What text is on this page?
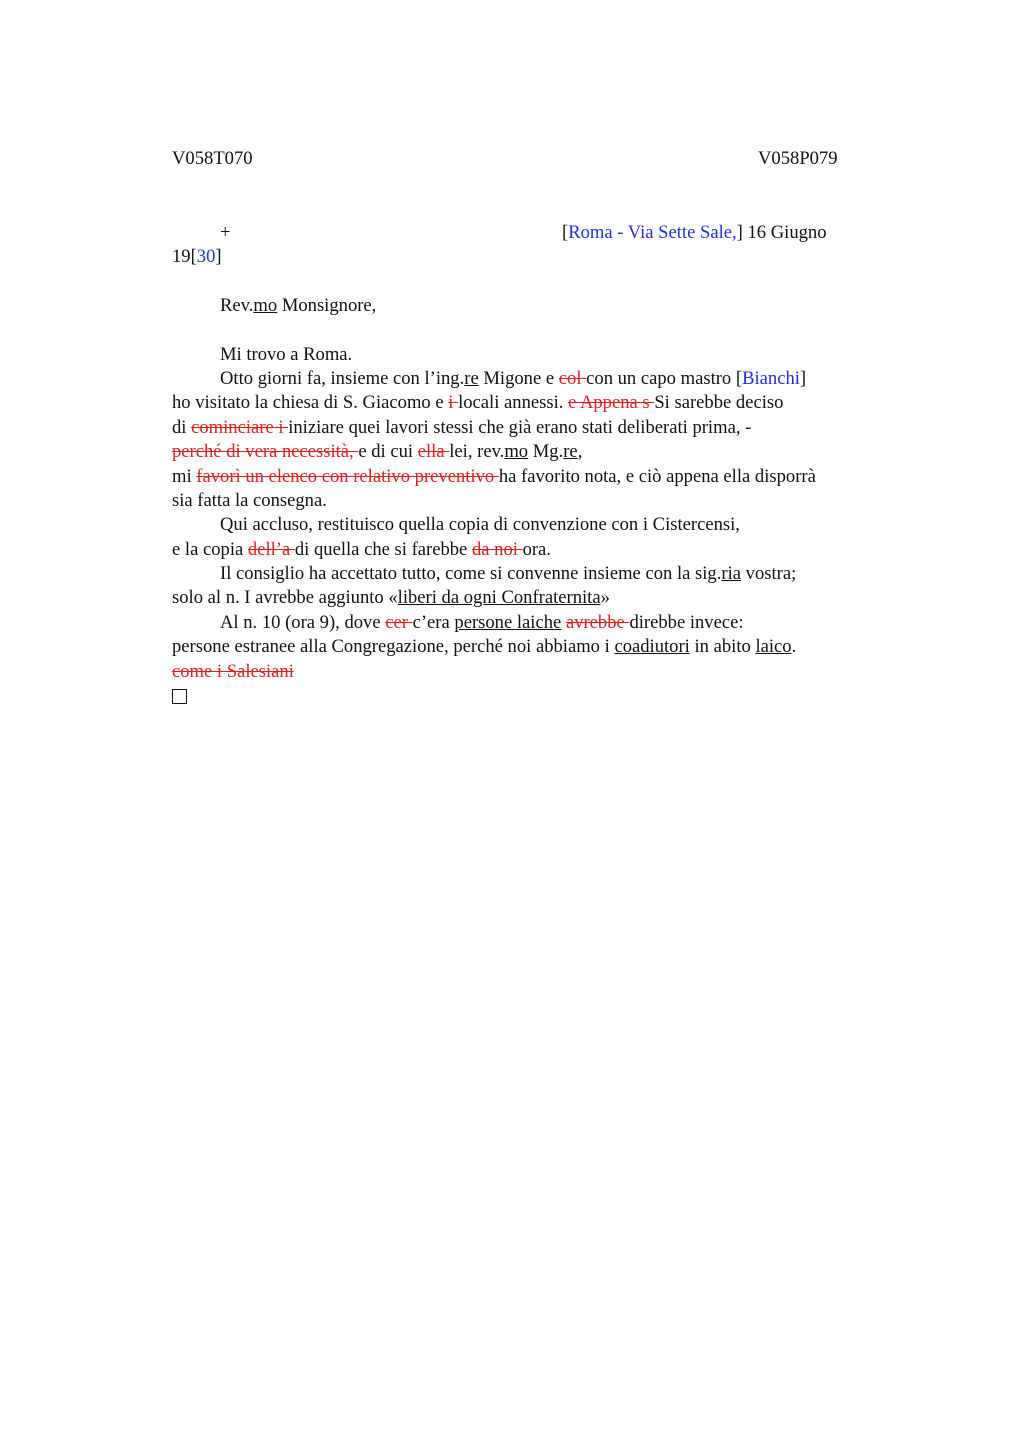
V058T070	V058P079
+	[Roma - Via Sette Sale,] 16 Giugno
19[30]
Rev.mo Monsignore,
Mi trovo a Roma.
Otto giorni fa, insieme con l’ing.re Migone e col con un capo mastro [Bianchi]
ho visitato la chiesa di S. Giacomo e i locali annessi. e Appena s Si sarebbe deciso
di cominciare i iniziare quei lavori stessi che già erano stati deliberati prima, -
perché di vera necessità, e di cui ella lei, rev.mo Mg.re,
mi favorì un elenco con relativo preventivo ha favorito nota, e ciò appena ella disporrà
sia fatta la consegna.
Qui accluso, restituisco quella copia di convenzione con i Cistercensi,
e la copia dell’a di quella che si farebbe da noi ora.
Il consiglio ha accettato tutto, come si convenne insieme con la sig.ria vostra;
solo al n. I avrebbe aggiunto «liberi da ogni Confraternita»
Al n. 10 (ora 9), dove cer c’era persone laiche avrebbe direbbe invece:
persone estranee alla Congregazione, perché noi abbiamo i coadiutori in abito laico.
come i Salesiani
